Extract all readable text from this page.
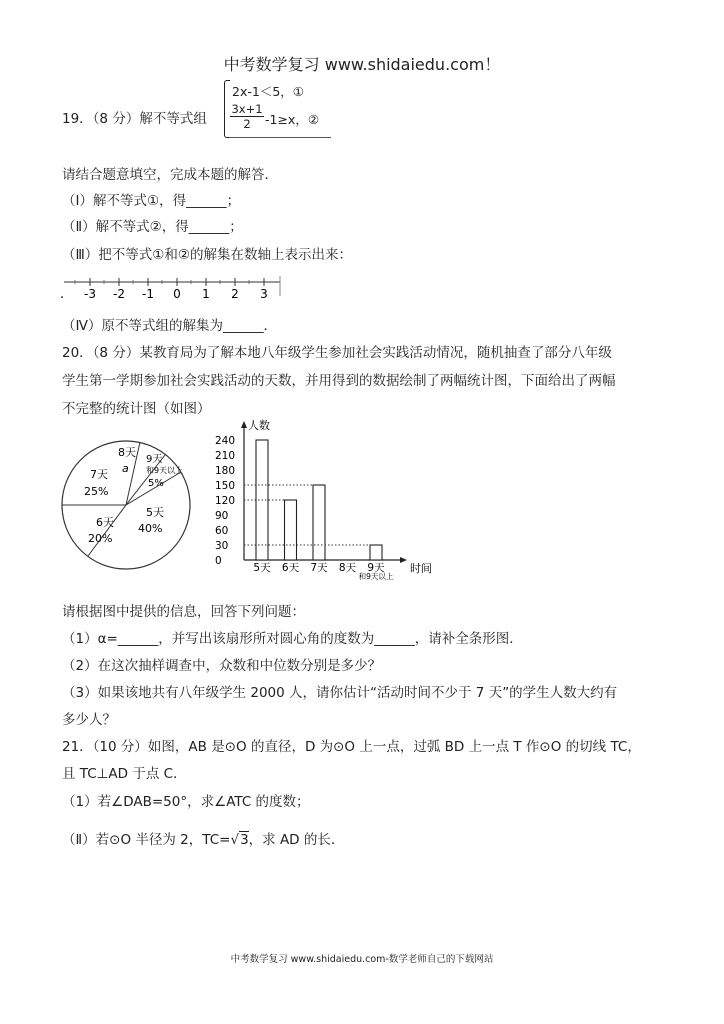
中考数学复习 www.shidaiedu.com！
19．（8 分）解不等式组
2x-1＜5，①
$\frac{3x+1}{2} -1\ge x$，②
请结合题意填空，完成本题的解答．
（Ⅰ）解不等式①，得______；
（Ⅱ）解不等式②，得______；
（Ⅲ）把不等式①和②的解集在数轴上表示出来：
. -3 -2 -1 0 1 2 3
（Ⅳ）原不等式组的解集为______．
20．（8 分）某教育局为了解本地八年级学生参加社会实践活动情况，随机抽查了部分八年级
学生第一学期参加社会实践活动的天数，并用得到的数据绘制了两幅统计图，下面给出了两幅
不完整的统计图（如图）
8天
a
9天
和9天以上
5%
7天
25%
6天
20%
5天
40%
人数
时间
240
210
180
150
120
90
60
30
0
5天 6天 7天 8天 9天
和9天以上
请根据图中提供的信息，回答下列问题：
（1）α=______，并写出该扇形所对圆心角的度数为______，请补全条形图．
（2）在这次抽样调查中，众数和中位数分别是多少？
（3）如果该地共有八年级学生 2000 人，请你估计“活动时间不少于 7 天”的学生人数大约有
多少人？
21．（10 分）如图，AB 是⊙O 的直径，D 为⊙O 上一点，过弧 BD 上一点 T 作⊙O 的切线 TC，
且 TC⊥AD 于点 C．
（1）若∠DAB=50°，求∠ATC 的度数；
（Ⅱ）若⊙O 半径为 2，TC=√3，求 AD 的长．
中考数学复习 www.shidaiedu.com-数学老师自己的下载网站
